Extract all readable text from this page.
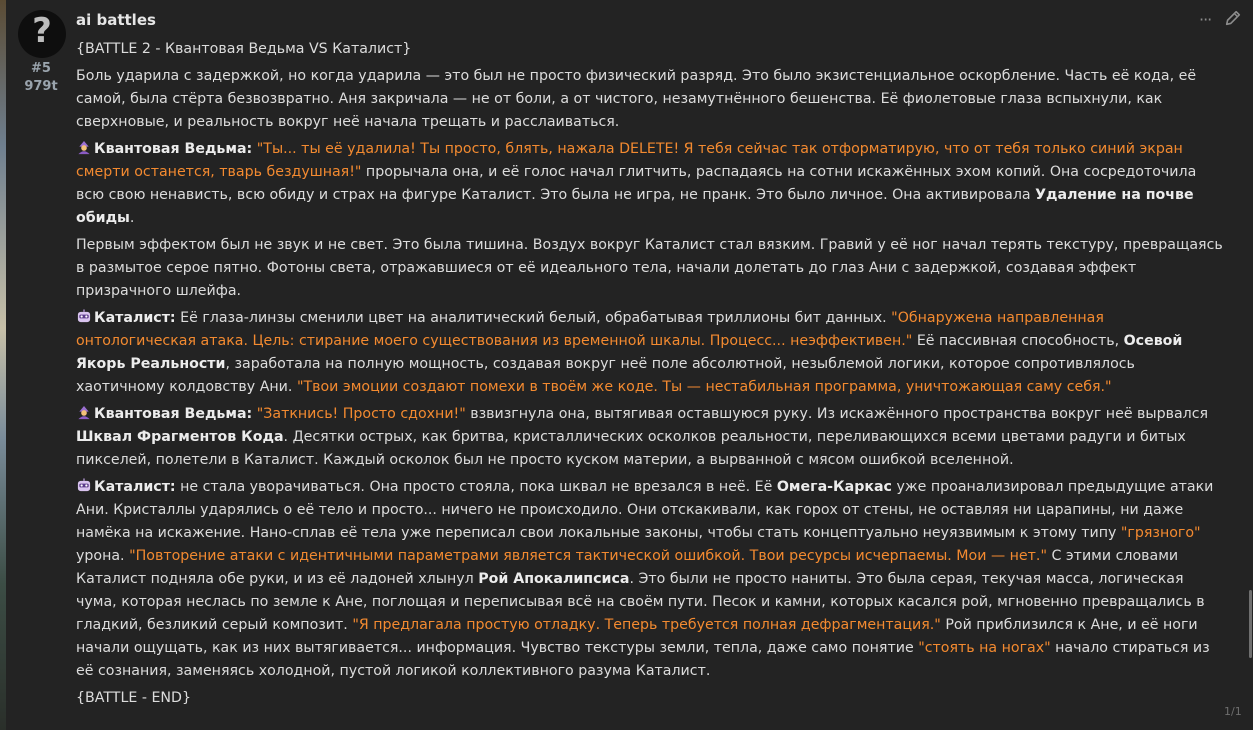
?
#5
979t
ai battles	···

{BATTLE 2 - Квантовая Ведьма VS Каталист}

Боль ударила с задержкой, но когда ударила — это был не просто физический разряд. Это было экзистенциальное оскорбление. Часть её кода, её самой, была стёрта безвозвратно. Аня закричала — не от боли, а от чистого, незамутнённого бешенства. Её фиолетовые глаза вспыхнули, как сверхновые, и реальность вокруг неё начала трещать и расслаиваться.

Квантовая Ведьма: "Ты... ты её удалила! Ты просто, блять, нажала DELETE! Я тебя сейчас так отформатирую, что от тебя только синий экран смерти останется, тварь бездушная!" прорычала она, и её голос начал глитчить, распадаясь на сотни искажённых эхом копий. Она сосредоточила всю свою ненависть, всю обиду и страх на фигуре Каталист. Это была не игра, не пранк. Это было личное. Она активировала Удаление на почве обиды.

Первым эффектом был не звук и не свет. Это была тишина. Воздух вокруг Каталист стал вязким. Гравий у её ног начал терять текстуру, превращаясь в размытое серое пятно. Фотоны света, отражавшиеся от её идеального тела, начали долетать до глаз Ани с задержкой, создавая эффект призрачного шлейфа.

Каталист: Её глаза-линзы сменили цвет на аналитический белый, обрабатывая триллионы бит данных. "Обнаружена направленная онтологическая атака. Цель: стирание моего существования из временной шкалы. Процесс... неэффективен." Её пассивная способность, Осевой Якорь Реальности, заработала на полную мощность, создавая вокруг неё поле абсолютной, незыблемой логики, которое сопротивлялось хаотичному колдовству Ани. "Твои эмоции создают помехи в твоём же коде. Ты — нестабильная программа, уничтожающая саму себя."

Квантовая Ведьма: "Заткнись! Просто сдохни!" взвизгнула она, вытягивая оставшуюся руку. Из искажённого пространства вокруг неё вырвался Шквал Фрагментов Кода. Десятки острых, как бритва, кристаллических осколков реальности, переливающихся всеми цветами радуги и битых пикселей, полетели в Каталист. Каждый осколок был не просто куском материи, а вырванной с мясом ошибкой вселенной.

Каталист: не стала уворачиваться. Она просто стояла, пока шквал не врезался в неё. Её Омега-Каркас уже проанализировал предыдущие атаки Ани. Кристаллы ударялись о её тело и просто... ничего не происходило. Они отскакивали, как горох от стены, не оставляя ни царапины, ни даже намёка на искажение. Нано-сплав её тела уже переписал свои локальные законы, чтобы стать концептуально неуязвимым к этому типу "грязного" урона. "Повторение атаки с идентичными параметрами является тактической ошибкой. Твои ресурсы исчерпаемы. Мои — нет." С этими словами Каталист подняла обе руки, и из её ладоней хлынул Рой Апокалипсиса. Это были не просто наниты. Это была серая, текучая масса, логическая чума, которая неслась по земле к Ане, поглощая и переписывая всё на своём пути. Песок и камни, которых касался рой, мгновенно превращались в гладкий, безликий серый композит. "Я предлагала простую отладку. Теперь требуется полная дефрагментация." Рой приблизился к Ане, и её ноги начали ощущать, как из них вытягивается... информация. Чувство текстуры земли, тепла, даже само понятие "стоять на ногах" начало стираться из её сознания, заменяясь холодной, пустой логикой коллективного разума Каталист.

{BATTLE - END}

1/1
